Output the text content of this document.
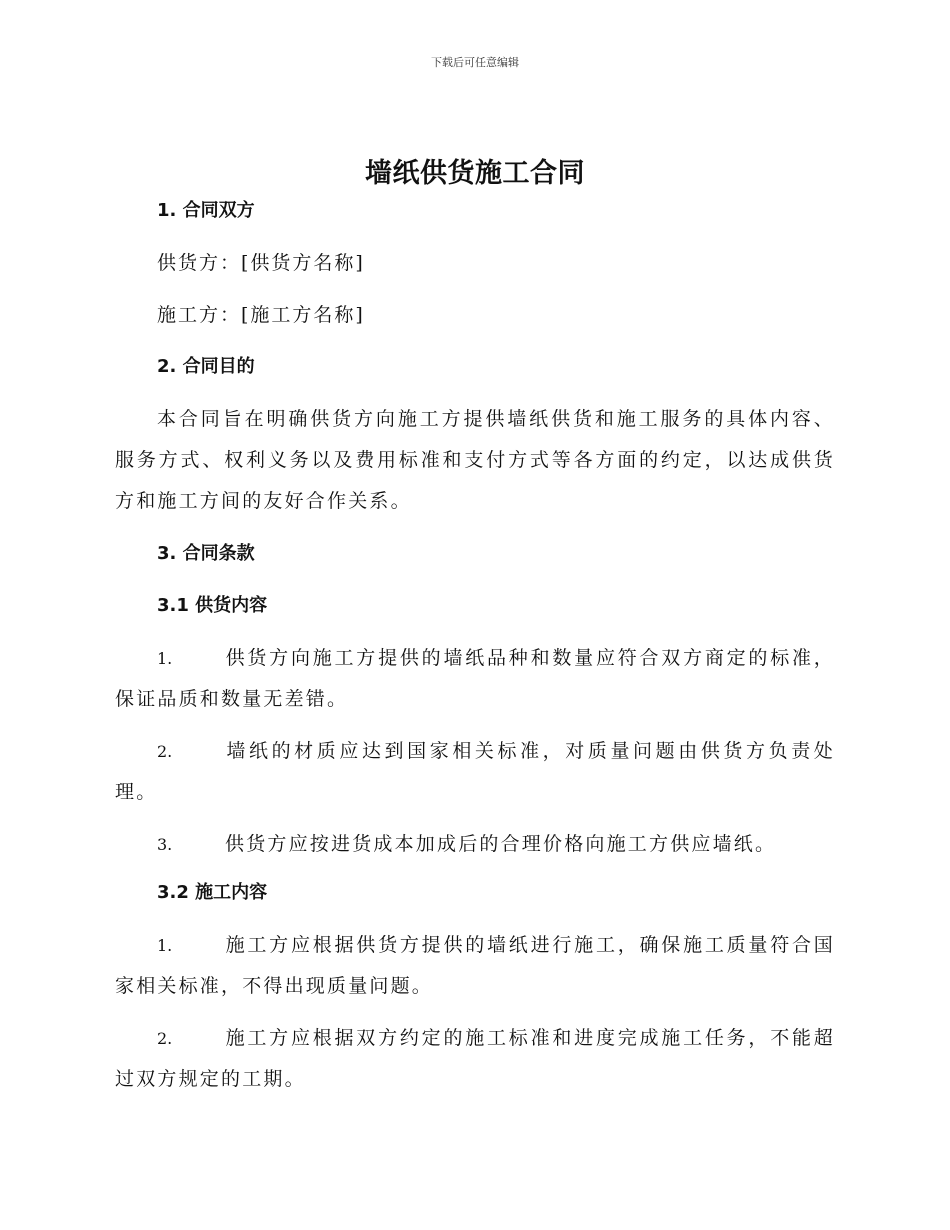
下载后可任意编辑
墙纸供货施工合同

1. 合同双方

供货方：[供货方名称]

施工方：[施工方名称]

2. 合同目的

本合同旨在明确供货方向施工方提供墙纸供货和施工服务的具体内容、服务方式、权利义务以及费用标准和支付方式等各方面的约定，以达成供货方和施工方间的友好合作关系。

3. 合同条款

3.1 供货内容

1.	供货方向施工方提供的墙纸品种和数量应符合双方商定的标准，保证品质和数量无差错。

2.	墙纸的材质应达到国家相关标准，对质量问题由供货方负责处理。

3.	供货方应按进货成本加成后的合理价格向施工方供应墙纸。

3.2 施工内容

1.	施工方应根据供货方提供的墙纸进行施工，确保施工质量符合国家相关标准，不得出现质量问题。

2.	施工方应根据双方约定的施工标准和进度完成施工任务，不能超过双方规定的工期。
